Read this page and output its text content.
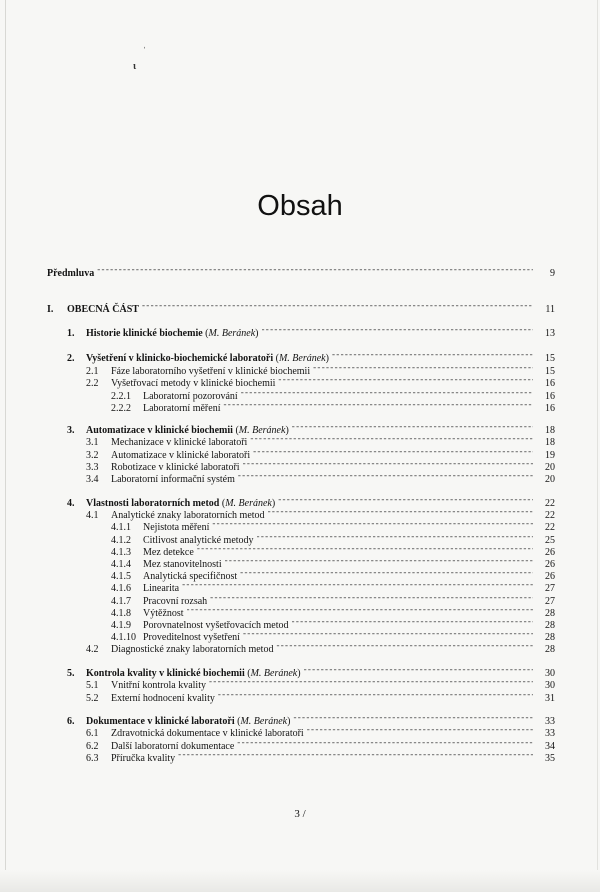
ˈ
ι
Obsah
Předmluva -----	9
I.	OBECNÁ ČÁST -----	11
1.	Historie klinické biochemie (M. Beránek) -----	13
2.	Vyšetření v klinicko-biochemické laboratoři (M. Beránek) -----	15
2.1	Fáze laboratorního vyšetření v klinické biochemii -----	15
2.2	Vyšetřovací metody v klinické biochemii -----	16
2.2.1	Laboratorní pozorování -----	16
2.2.2	Laboratorní měření -----	16
3.	Automatizace v klinické biochemii (M. Beránek) -----	18
3.1	Mechanizace v klinické laboratoři -----	18
3.2	Automatizace v klinické laboratoři -----	19
3.3	Robotizace v klinické laboratoři -----	20
3.4	Laboratorní informační systém -----	20
4.	Vlastnosti laboratorních metod (M. Beránek) -----	22
4.1	Analytické znaky laboratorních metod -----	22
4.1.1	Nejistota měření -----	22
4.1.2	Citlivost analytické metody -----	25
4.1.3	Mez detekce -----	26
4.1.4	Mez stanovitelnosti -----	26
4.1.5	Analytická specifičnost -----	26
4.1.6	Linearita -----	27
4.1.7	Pracovní rozsah -----	27
4.1.8	Výtěžnost -----	28
4.1.9	Porovnatelnost vyšetřovacích metod -----	28
4.1.10 Proveditelnost vyšetření -----	28
4.2	Diagnostické znaky laboratorních metod -----	28
5.	Kontrola kvality v klinické biochemii (M. Beránek) -----	30
5.1	Vnitřní kontrola kvality -----	30
5.2	Externí hodnocení kvality -----	31
6.	Dokumentace v klinické laboratoři (M. Beránek) -----	33
6.1	Zdravotnická dokumentace v klinické laboratoři -----	33
6.2	Další laboratorní dokumentace -----	34
6.3	Příručka kvality -----	35
3 /
